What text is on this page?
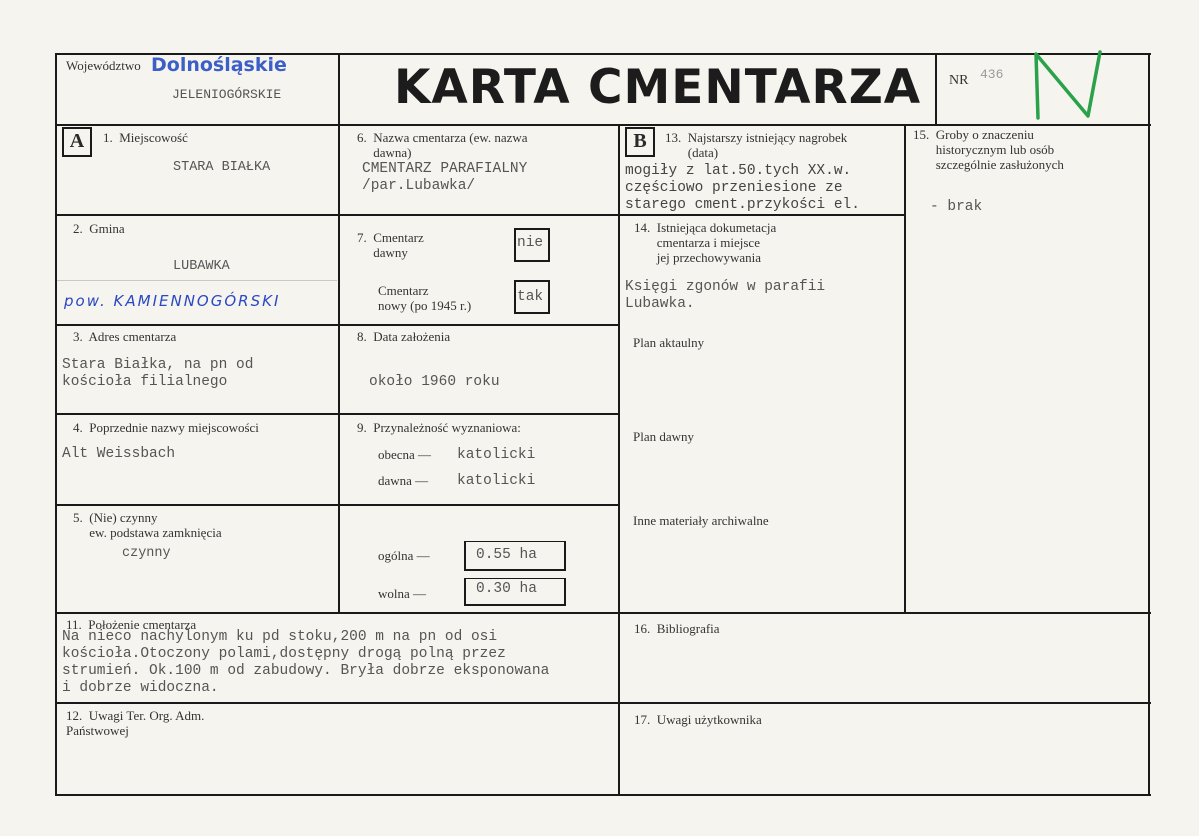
Województwo Dolnośląskie
JELENIOGÓRSKIE KARTA CMENTARZA NR 436
A	1.  Miejscowość
STARA BIAŁKA
2.  Gmina
LUBAWKA
pow. KAMIENNOGÓRSKI
3.  Adres cmentarza
Stara Białka, na pn od
kościoła filialnego
4.  Poprzednie nazwy miejscowości
Alt Weissbach
5.  (Nie) czynny
ew. podstawa zamknięcia
czynny
6.  Nazwa cmentarza (ew. nazwa
dawna)
CMENTARZ PARAFIALNY
/par.Lubawka/
7.  Cmentarz
dawny
nie
Cmentarz
nowy (po 1945 r.)
tak
8.  Data założenia
około 1960 roku
9.  Przynależność wyznaniowa:
obecna — katolicki
dawna — katolicki
ogólna —	0.55 ha
wolna —	0.30 ha
B	13.  Najstarszy istniejący nagrobek
(data)
mogiły z lat.50.tych XX.w.
częściowo przeniesione ze
starego cment.przykości el.
14.  Istniejąca dokumetacja
cmentarza i miejsce
jej przechowywania
Księgi zgonów w parafii
Lubawka.
Plan aktaulny
Plan dawny
Inne materiały archiwalne
15.  Groby o znaczeniu
historycznym lub osób
szczególnie zasłużonych
- brak
11.  Położenie cmentarza
Na nieco nachylonym ku pd stoku,200 m na pn od osi
kościoła.Otoczony polami,dostępny drogą polną przez
strumień. Ok.100 m od zabudowy. Bryła dobrze eksponowana
i dobrze widoczna.
16.  Bibliografia
12.  Uwagi Ter. Org. Adm.
Państwowej
17.  Uwagi użytkownika
